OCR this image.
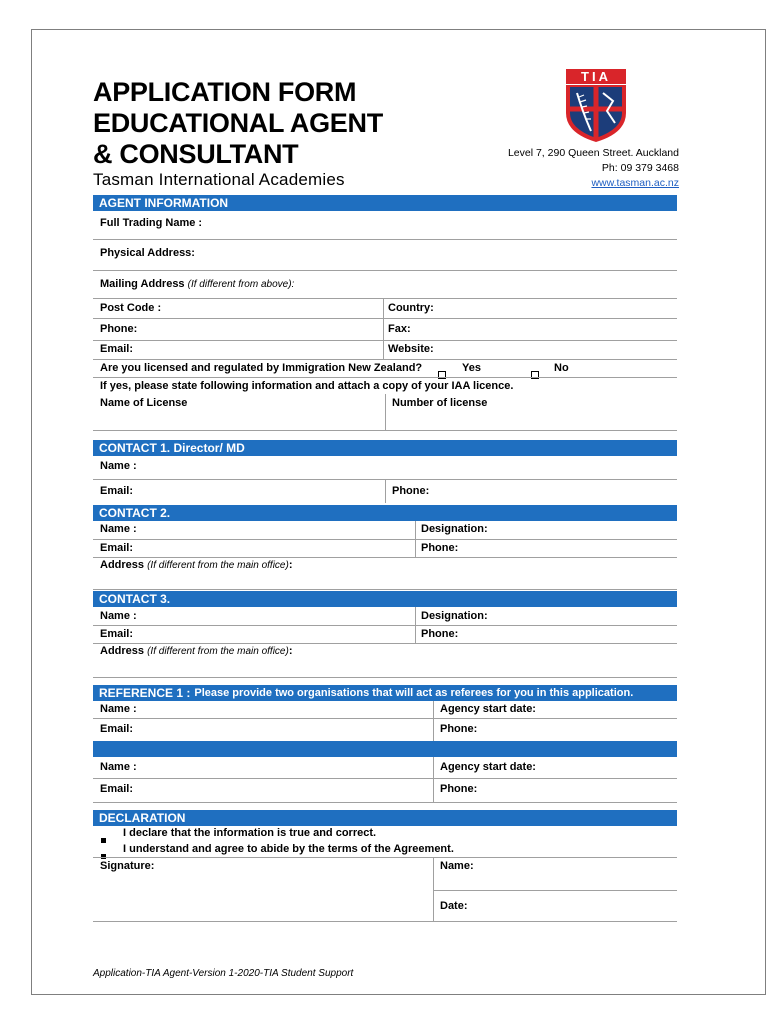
APPLICATION FORM
EDUCATIONAL AGENT
& CONSULTANT
Tasman International Academies
TIA
Level 7, 290 Queen Street. Auckland
Ph: 09 379 3468
www.tasman.ac.nz
AGENT INFORMATION
Full Trading Name :
Physical Address:
Mailing Address (If different from above):
Post Code :	Country:
Phone:	Fax:
Email:	Website:
Are you licensed and regulated by Immigration New Zealand?	Yes	No
If yes, please state following information and attach a copy of your IAA licence.
Name of License	Number of license
CONTACT 1. Director/ MD
Name :
Email:	Phone:
CONTACT 2.
Name :	Designation:
Email:	Phone:
Address (If different from the main office):
CONTACT 3.
Name :	Designation:
Email:	Phone:
Address (If different from the main office):
REFERENCE 1 : Please provide two organisations that will act as referees for you in this application.
Name :	Agency start date:
Email:	Phone:
Name :	Agency start date:
Email:	Phone:
DECLARATION
I declare that the information is true and correct.
I understand and agree to abide by the terms of the Agreement.
Signature:	Name:
Date:
Application-TIA Agent-Version 1-2020-TIA Student Support
